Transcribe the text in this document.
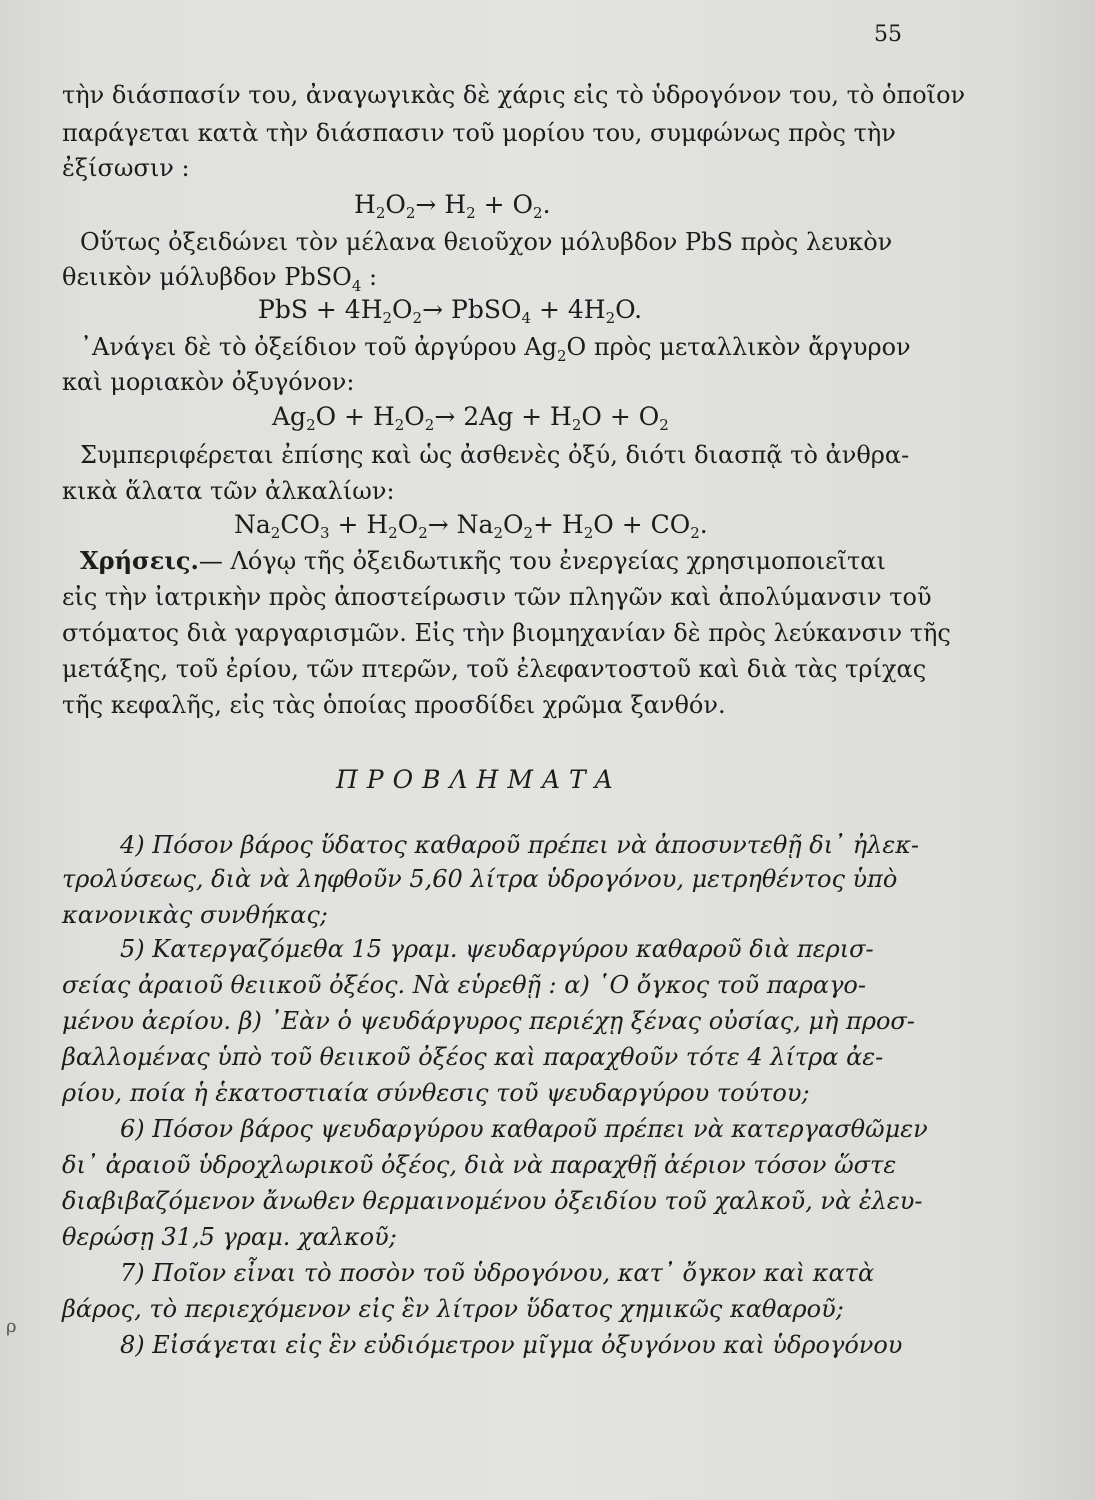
55
τὴν διάσπασίν του, ἀναγωγικὰς δὲ χάρις εἰς τὸ ὑδρογόνον του, τὸ ὁποῖον
παράγεται κατὰ τὴν διάσπασιν τοῦ μορίου του, συμφώνως πρὸς τὴν
ἐξίσωσιν :
$H_2O_2\to H_2 + O_2$.
Οὕτως ὀξειδώνει τὸν μέλανα θειοῦχον μόλυβδον PbS πρὸς λευκὸν
θειικὸν μόλυβδον PbSO$_4$ :
PbS + $4H_2O_2\to$ PbSO$_4$ + $4H_2O$.
᾿Ανάγει δὲ τὸ ὀξείδιον τοῦ ἀργύρου $Ag_2O$ πρὸς μεταλλικὸν ἄργυρον
καὶ μοριακὸν ὀξυγόνον:
$Ag_2O + H_2O_2\to 2Ag + H_2O + O_2$
Συμπεριφέρεται ἐπίσης καὶ ὡς ἀσθενὲς ὀξύ, διότι διασπᾷ τὸ ἀνθρα-
κικὰ ἅλατα τῶν ἀλκαλίων:
$Na_2CO_3 + H_2O_2\to Na_2O_2+ H_2O + CO_2$.
Χρήσεις.— Λόγῳ τῆς ὀξειδωτικῆς του ἐνεργείας χρησιμοποιεῖται
εἰς τὴν ἰατρικὴν πρὸς ἀποστείρωσιν τῶν πληγῶν καὶ ἀπολύμανσιν τοῦ
στόματος διὰ γαργαρισμῶν. Εἰς τὴν βιομηχανίαν δὲ πρὸς λεύκανσιν τῆς
μετάξης, τοῦ ἐρίου, τῶν πτερῶν, τοῦ ἐλεφαντοστοῦ καὶ διὰ τὰς τρίχας
τῆς κεφαλῆς, εἰς τὰς ὁποίας προσδίδει χρῶμα ξανθόν.
ΠΡΟΒΛΗΜΑΤΑ
4) Πόσον βάρος ὕδατος καθαροῦ πρέπει νὰ ἀποσυντεθῇ δι᾿ ἠλεκ-
τρολύσεως, διὰ νὰ ληφθοῦν 5,60 λίτρα ὑδρογόνου, μετρηθέντος ὑπὸ
κανονικὰς συνθήκας;
5) Κατεργαζόμεθα 15 γραμ. ψευδαργύρου καθαροῦ διὰ περισ-
σείας ἀραιοῦ θειικοῦ ὀξέος. Νὰ εὑρεθῇ : α) ῾Ο ὄγκος τοῦ παραγο-
μένου ἀερίου. β) ᾿Εὰν ὁ ψευδάργυρος περιέχῃ ξένας οὐσίας, μὴ προσ-
βαλλομένας ὑπὸ τοῦ θειικοῦ ὀξέος καὶ παραχθοῦν τότε 4 λίτρα ἀε-
ρίου, ποία ἡ ἑκατοστιαία σύνθεσις τοῦ ψευδαργύρου τούτου;
6) Πόσον βάρος ψευδαργύρου καθαροῦ πρέπει νὰ κατεργασθῶμεν
δι᾿ ἀραιοῦ ὑδροχλωρικοῦ ὀξέος, διὰ νὰ παραχθῇ ἀέριον τόσον ὥστε
διαβιβαζόμενον ἄνωθεν θερμαινομένου ὀξειδίου τοῦ χαλκοῦ, νὰ ἐλευ-
θερώσῃ 31,5 γραμ. χαλκοῦ;
7) Ποῖον εἶναι τὸ ποσὸν τοῦ ὑδρογόνου, κατ᾿ ὄγκον καὶ κατὰ
βάρος, τὸ περιεχόμενον εἰς ἓν λίτρον ὕδατος χημικῶς καθαροῦ;
8) Εἰσάγεται εἰς ἓν εὐδιόμετρον μῖγμα ὀξυγόνου καὶ ὑδρογόνου
ρ
